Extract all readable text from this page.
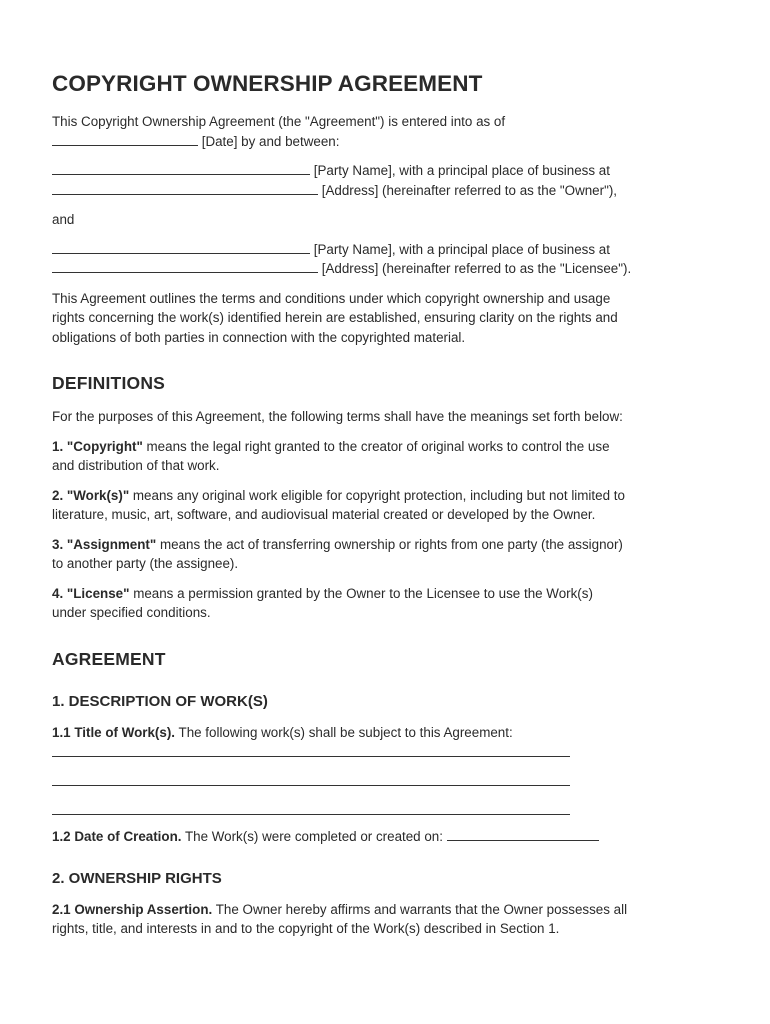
COPYRIGHT OWNERSHIP AGREEMENT

This Copyright Ownership Agreement (the "Agreement") is entered into as of
[Date] by and between:

[Party Name], with a principal place of business at
[Address] (hereinafter referred to as the "Owner"),

and

[Party Name], with a principal place of business at
[Address] (hereinafter referred to as the "Licensee").

This Agreement outlines the terms and conditions under which copyright ownership and usage
rights concerning the work(s) identified herein are established, ensuring clarity on the rights and
obligations of both parties in connection with the copyrighted material.

DEFINITIONS

For the purposes of this Agreement, the following terms shall have the meanings set forth below:

1. "Copyright" means the legal right granted to the creator of original works to control the use
and distribution of that work.

2. "Work(s)" means any original work eligible for copyright protection, including but not limited to
literature, music, art, software, and audiovisual material created or developed by the Owner.

3. "Assignment" means the act of transferring ownership or rights from one party (the assignor)
to another party (the assignee).

4. "License" means a permission granted by the Owner to the Licensee to use the Work(s)
under specified conditions.

AGREEMENT
1. DESCRIPTION OF WORK(S)

1.1 Title of Work(s). The following work(s) shall be subject to this Agreement:

1.2 Date of Creation. The Work(s) were completed or created on:

2. OWNERSHIP RIGHTS

2.1 Ownership Assertion. The Owner hereby affirms and warrants that the Owner possesses all
rights, title, and interests in and to the copyright of the Work(s) described in Section 1.
